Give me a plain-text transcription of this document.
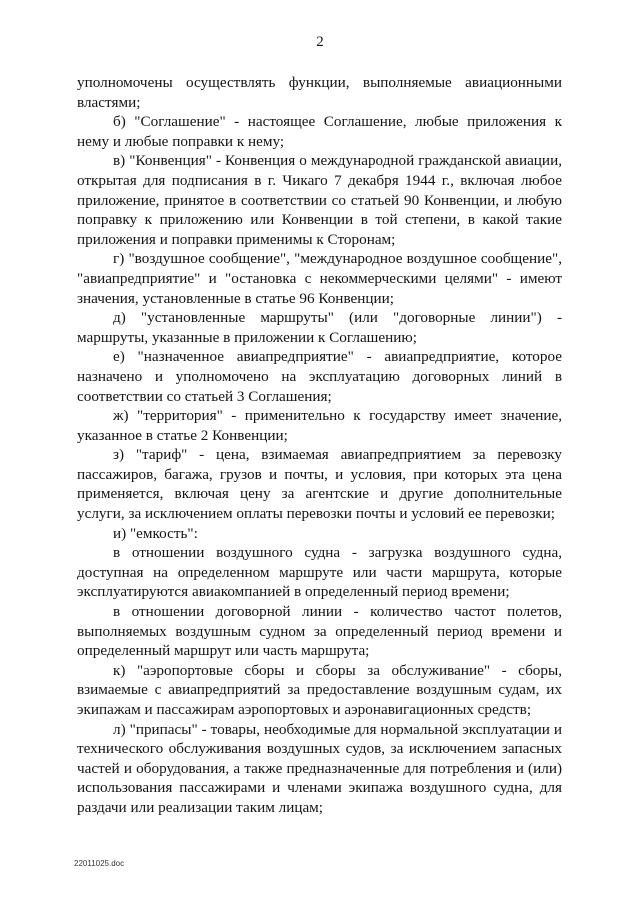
2

уполномочены осуществлять функции, выполняемые авиационными властями;

б) "Соглашение" - настоящее Соглашение, любые приложения к нему и любые поправки к нему;

в) "Конвенция" - Конвенция о международной гражданской авиации, открытая для подписания в г. Чикаго 7 декабря 1944 г., включая любое приложение, принятое в соответствии со статьей 90 Конвенции, и любую поправку к приложению или Конвенции в той степени, в какой такие приложения и поправки применимы к Сторонам;

г) "воздушное сообщение", "международное воздушное сообщение", "авиапредприятие" и "остановка с некоммерческими целями" - имеют значения, установленные в статье 96 Конвенции;

д) "установленные маршруты" (или "договорные линии") - маршруты, указанные в приложении к Соглашению;

е) "назначенное авиапредприятие" - авиапредприятие, которое назначено и уполномочено на эксплуатацию договорных линий в соответствии со статьей 3 Соглашения;

ж) "территория" - применительно к государству имеет значение, указанное в статье 2 Конвенции;

з) "тариф" - цена, взимаемая авиапредприятием за перевозку пассажиров, багажа, грузов и почты, и условия, при которых эта цена применяется, включая цену за агентские и другие дополнительные услуги, за исключением оплаты перевозки почты и условий ее перевозки;

и) "емкость":

в отношении воздушного судна - загрузка воздушного судна, доступная на определенном маршруте или части маршрута, которые эксплуатируются авиакомпанией в определенный период времени;

в отношении договорной линии - количество частот полетов, выполняемых воздушным судном за определенный период времени и определенный маршрут или часть маршрута;

к) "аэропортовые сборы и сборы за обслуживание" - сборы, взимаемые с авиапредприятий за предоставление воздушным судам, их экипажам и пассажирам аэропортовых и аэронавигационных средств;

л) "припасы" - товары, необходимые для нормальной эксплуатации и технического обслуживания воздушных судов, за исключением запасных частей и оборудования, а также предназначенные для потребления и (или) использования пассажирами и членами экипажа воздушного судна, для раздачи или реализации таким лицам;

22011025.doc
